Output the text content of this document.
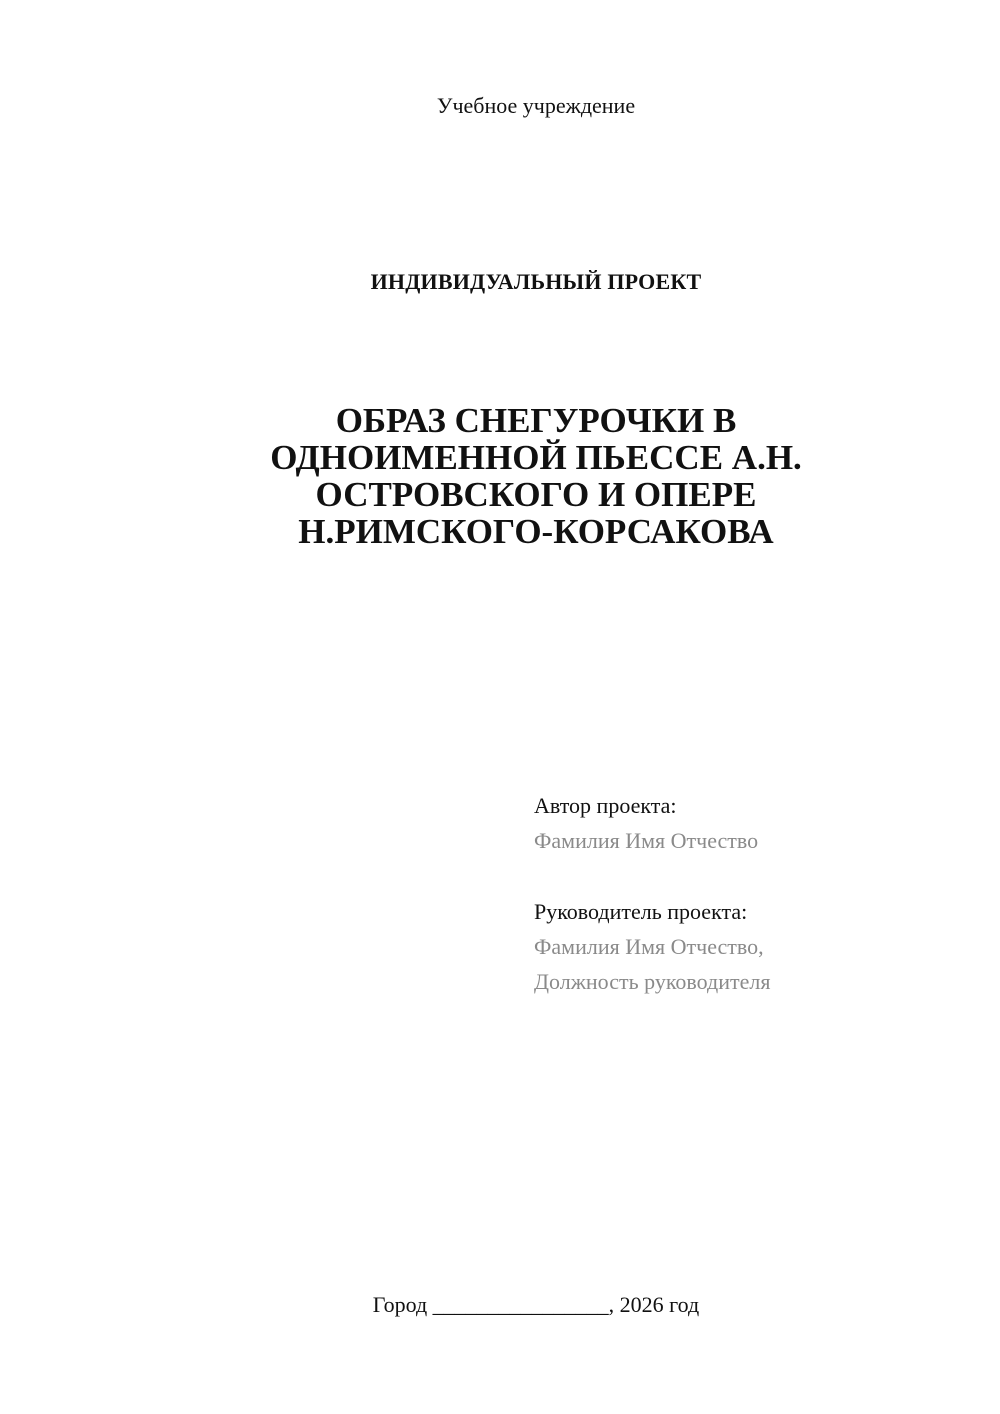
Учебное учреждение
ИНДИВИДУАЛЬНЫЙ ПРОЕКТ
ОБРАЗ СНЕГУРОЧКИ В
ОДНОИМЕННОЙ ПЬЕССЕ А.Н.
ОСТРОВСКОГО И ОПЕРЕ
Н.РИМСКОГО-КОРСАКОВА
Автор проекта:
Фамилия Имя Отчество
Руководитель проекта:
Фамилия Имя Отчество,
Должность руководителя
Город ________________, 2026 год
